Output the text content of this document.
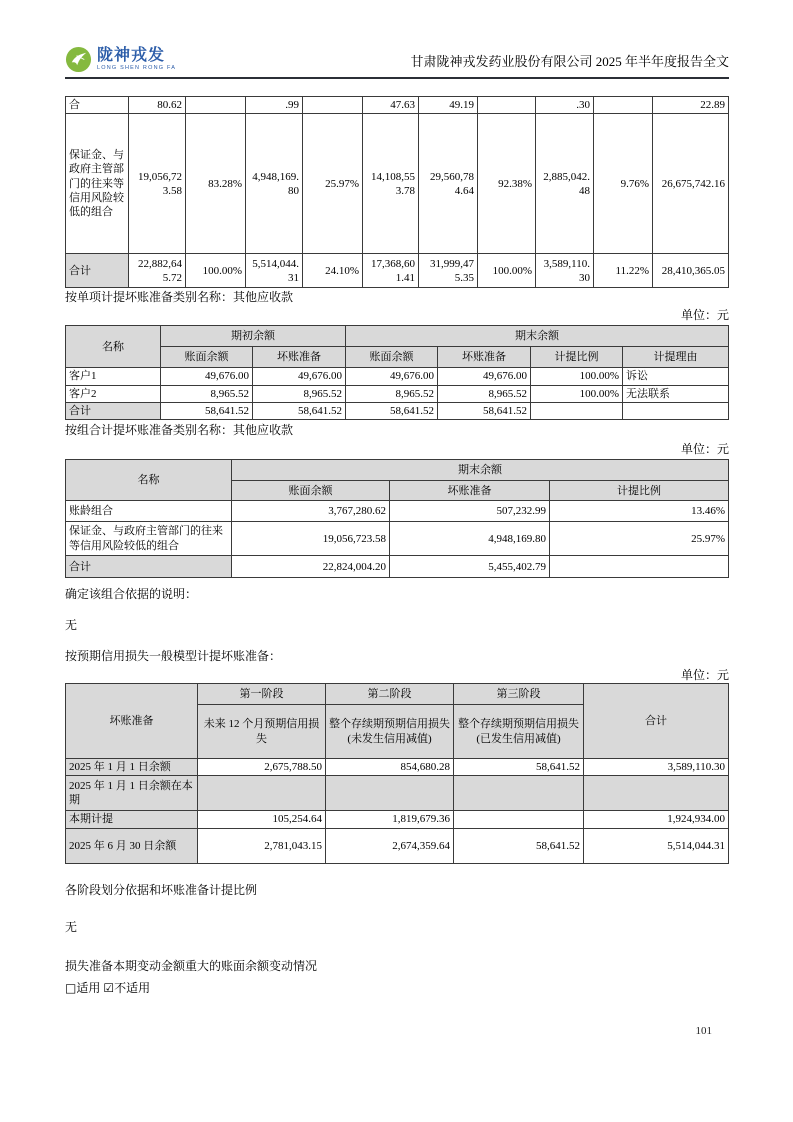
陇神戎发
LONG SHEN RONG FA	甘肃陇神戎发药业股份有限公司 2025 年半年度报告全文
合	80.62		.99		47.63	49.19		.30		22.89
保证金、与政府主管部门的往来等信用风险较低的组合	19,056,723.58	83.28%	4,948,169.80	25.97%	14,108,553.78	29,560,784.64	92.38%	2,885,042.48	9.76%	26,675,742.16
合计	22,882,645.72	100.00%	5,514,044.31	24.10%	17,368,601.41	31,999,475.35	100.00%	3,589,110.30	11.22%	28,410,365.05
按单项计提坏账准备类别名称：其他应收款
单位：元
名称	期初余额		期末余额			
	账面余额	坏账准备	账面余额	坏账准备	计提比例	计提理由
客户1	49,676.00	49,676.00	49,676.00	49,676.00	100.00%	诉讼
客户2	8,965.52	8,965.52	8,965.52	8,965.52	100.00%	无法联系
合计	58,641.52	58,641.52	58,641.52	58,641.52		
按组合计提坏账准备类别名称：其他应收款
单位：元
名称	期末余额		
	账面余额	坏账准备	计提比例
账龄组合	3,767,280.62	507,232.99	13.46%
保证金、与政府主管部门的往来等信用风险较低的组合	19,056,723.58	4,948,169.80	25.97%
合计	22,824,004.20	5,455,402.79	
确定该组合依据的说明：
无
按预期信用损失一般模型计提坏账准备：
单位：元
坏账准备	第一阶段	第二阶段	第三阶段	合计
	未来 12 个月预期信用损失	整个存续期预期信用损失(未发生信用减值)	整个存续期预期信用损失(已发生信用减值)	
2025 年 1 月 1 日余额	2,675,788.50	854,680.28	58,641.52	3,589,110.30
2025 年 1 月 1 日余额在本期				
本期计提	105,254.64	1,819,679.36		1,924,934.00
2025 年 6 月 30 日余额	2,781,043.15	2,674,359.64	58,641.52	5,514,044.31
各阶段划分依据和坏账准备计提比例
无
损失准备本期变动金额重大的账面余额变动情况
□适用 ☑不适用
101
